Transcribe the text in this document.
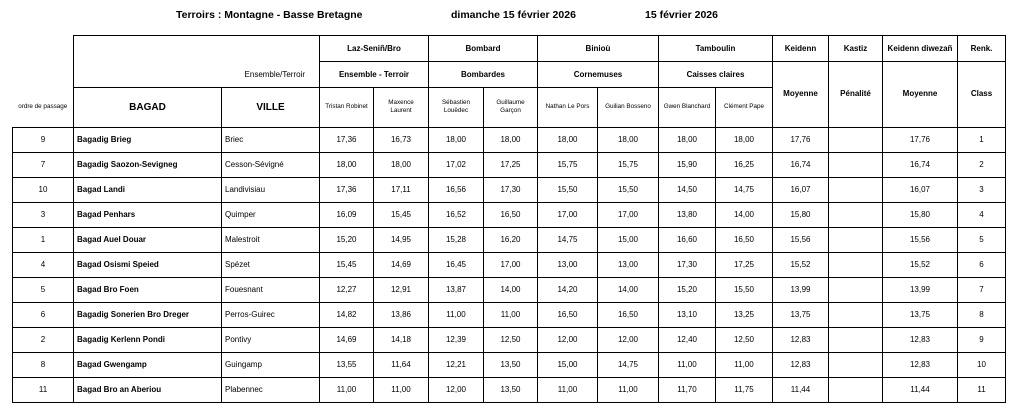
Terroirs : Montagne - Basse Bretagne	dimanche 15 février 2026	15 février 2026
			Laz-Seniñ/Bro		Bombard		Binioù		Tamboulin		Keidenn	Kastiz	Keidenn diwezañ	Renk.
	Ensemble/Terroir		Ensemble - Terroir		Bombardes		Cornemuses		Caisses claires					
ordre de passage	BAGAD	VILLE	Tristan Robinet	Maxence Laurent	Sébastien Louëdec	Guillaume Garçon	Nathan Le Pors	Guilian Bosseno	Gwen Blanchard	Clément Pape	Moyenne	Pénalité	Moyenne	Class
9	Bagadig Brieg	Briec	17,36	16,73	18,00	18,00	18,00	18,00	18,00	18,00	17,76		17,76	1
7	Bagadig Saozon-Sevigneg	Cesson-Sévigné	18,00	18,00	17,02	17,25	15,75	15,75	15,90	16,25	16,74		16,74	2
10	Bagad Landi	Landivisiau	17,36	17,11	16,56	17,30	15,50	15,50	14,50	14,75	16,07		16,07	3
3	Bagad Penhars	Quimper	16,09	15,45	16,52	16,50	17,00	17,00	13,80	14,00	15,80		15,80	4
1	Bagad Auel Douar	Malestroit	15,20	14,95	15,28	16,20	14,75	15,00	16,60	16,50	15,56		15,56	5
4	Bagad Osismi Speied	Spézet	15,45	14,69	16,45	17,00	13,00	13,00	17,30	17,25	15,52		15,52	6
5	Bagad Bro Foen	Fouesnant	12,27	12,91	13,87	14,00	14,20	14,00	15,20	15,50	13,99		13,99	7
6	Bagadig Sonerien Bro Dreger	Perros-Guirec	14,82	13,86	11,00	11,00	16,50	16,50	13,10	13,25	13,75		13,75	8
2	Bagadig Kerlenn Pondi	Pontivy	14,69	14,18	12,39	12,50	12,00	12,00	12,40	12,50	12,83		12,83	9
8	Bagad Gwengamp	Guingamp	13,55	11,64	12,21	13,50	15,00	14,75	11,00	11,00	12,83		12,83	10
11	Bagad Bro an Aberiou	Plabennec	11,00	11,00	12,00	13,50	11,00	11,00	11,70	11,75	11,44		11,44	11
